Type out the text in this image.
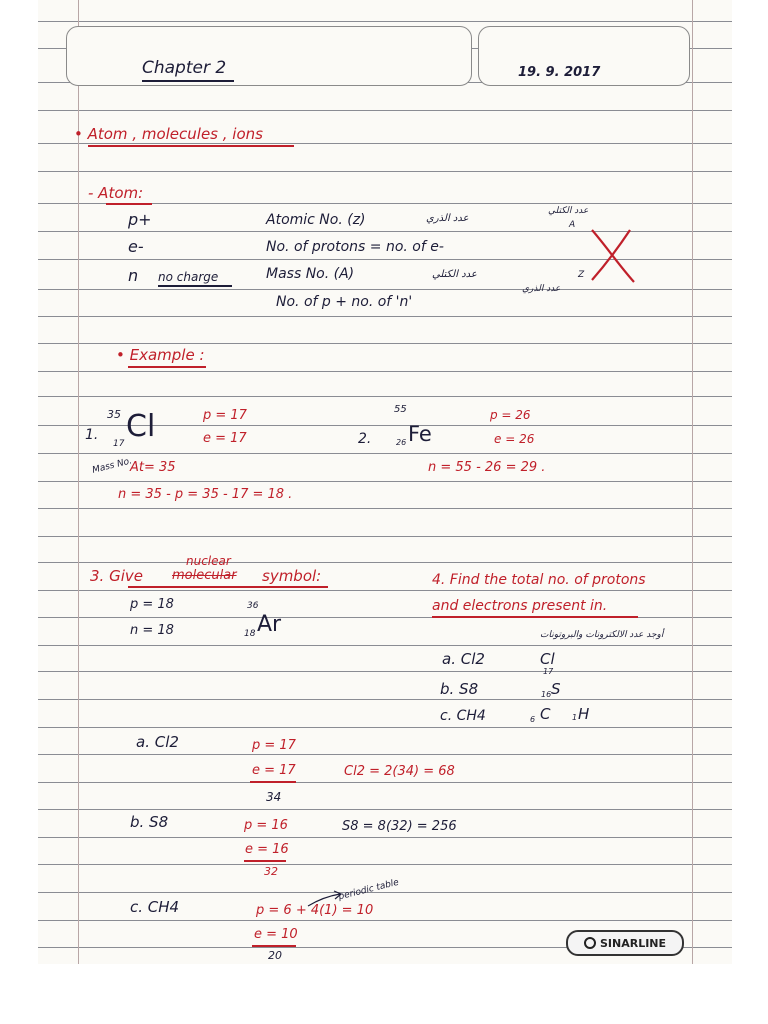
Chapter 2	19. 9. 2017
• Atom , molecules , ions
- Atom:
p+
e-
n no charge
Atomic No. (z)
No. of protons = no. of e-
Mass No. (A)
No. of p + no. of 'n'
عدد الذري
عدد الكتلي
عدد الكتلي
عدد الذري
A
Z
• Example :
1.
35
17 Cl	p = 17
e = 17
Mass No.
At= 35
n = 35 - p = 35 - 17 = 18 .
2.
55
26 Fe
p = 26
e = 26
n = 55 - 26 = 29 .
3. Give molecular
nuclear
symbol:
p = 18
n = 18
36
18 Ar
4. Find the total no. of protons
and electrons present in.
أوجد عدد الالكترونات والبروتونات
a. Cl2
b. S8
c. CH4
Cl
17
S
16
C
6	H
1
a. Cl2	p = 17
e = 17
34
Cl2 = 2(34) = 68
b. S8	p = 16
e = 16
32
S8 = 8(32) = 256
c. CH4	p = 6 + 4(1) = 10
e = 10
20
periodic table
SINARLINE
